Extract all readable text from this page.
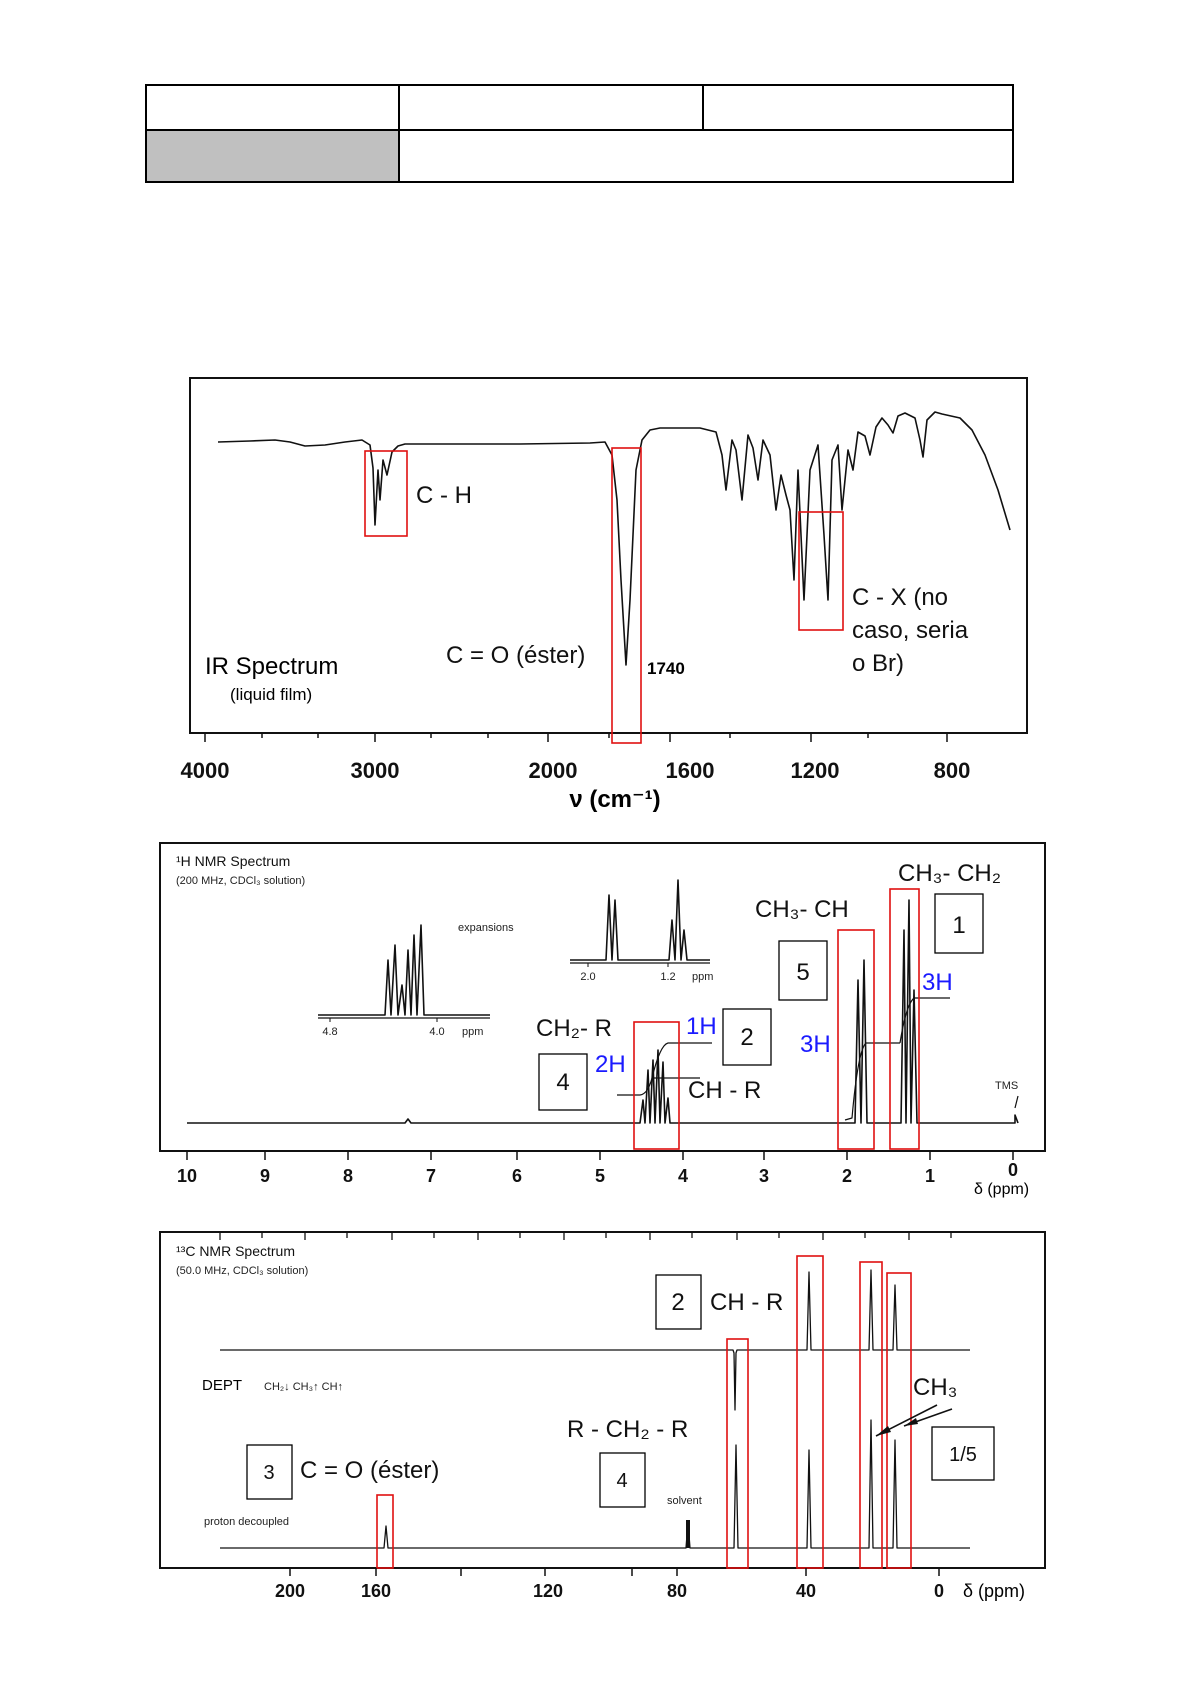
C - H
C = O (éster)	1740
C - X (no
caso, seria
o Br)
IR Spectrum
(liquid film)
4000	3000	2000	1600	1200	800
ν (cm⁻¹)
¹H NMR Spectrum
(200 MHz, CDCl₃ solution)
expansions
4.8	4.0 ppm
2.0	1.2 ppm
TMS
1
5
2
4
CH₃- CH₂
CH₃- CH
CH₂- R
CH - R
1H
2H
3H
3H
10	9	8	7	6	5	4	3	2	1	0
δ (ppm)
¹³C NMR Spectrum
(50.0 MHz, CDCl₃ solution)
DEPT CH₂↓ CH₃↑ CH↑
proton decoupled
solvent
2
1/5
3	4
CH - R
CH₃
R - CH₂ - R
C = O (éster)
200	160	120	80	40	0 δ (ppm)
